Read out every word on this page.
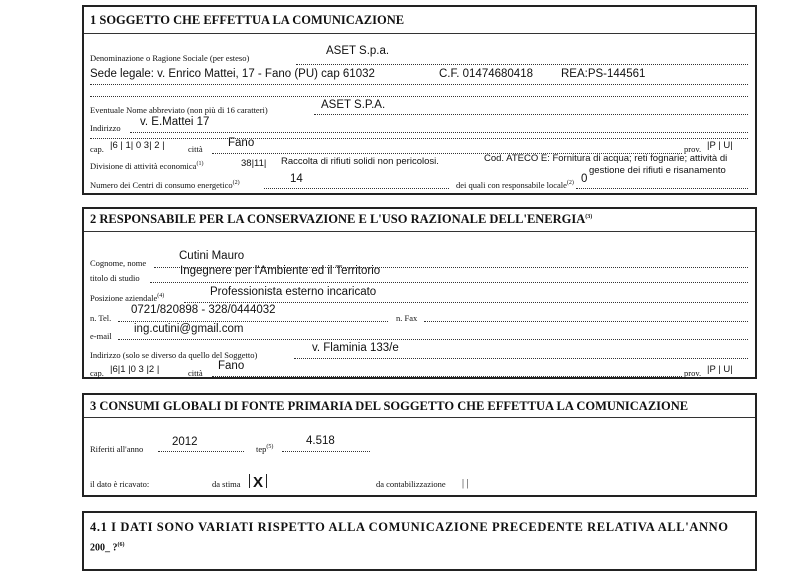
1 SOGGETTO CHE EFFETTUA LA COMUNICAZIONE
Denominazione o Ragione Sociale (per esteso)
ASET S.p.a.
Sede legale: v. Enrico Mattei, 17 - Fano (PU) cap 61032	C.F. 01474680418 REA:PS-144561
Eventuale Nome abbreviato (non più di 16 caratteri)	ASET S.P.A.
Indirizzo v. E.Mattei 17
cap. |6 | 1| 0 3| 2 |	città Fano	prov. |P | U|
Divisione di attività economica$^{(1)}$	38|11| Raccolta di rifiuti solidi non pericolosi.	Cod. ATECO E: Fornitura di acqua; reti fognarie; attività di
gestione dei rifiuti e risanamento
Numero dei Centri di consumo energetico$^{(2)}$	14	dei quali con responsabile locale$^{(2)}$ 0
2 RESPONSABILE PER LA CONSERVAZIONE E L'USO RAZIONALE DELL'ENERGIA$^{(3)}$
Cognome, nome
Cutini Mauro
titolo di studio
Ingegnere per l'Ambiente ed il Territorio
Posizione aziendale$^{(4)}$	Professionista esterno incaricato
n. Tel.
0721/820898 - 328/0444032
n. Fax
e-mail
ing.cutini@gmail.com
Indirizzo (solo se diverso da quello del Soggetto)
v. Flaminia 133/e
cap. |6|1 |0 3 |2 |	città
Fano
prov. |P | U|
3 CONSUMI GLOBALI DI FONTE PRIMARIA DEL SOGGETTO CHE EFFETTUA LA COMUNICAZIONE
Riferiti all'anno
2012
tep$^{(5)}$
4.518
il dato è ricavato:	da stima X	da contabilizzazione | |
4.1 I DATI SONO VARIATI RISPETTO ALLA COMUNICAZIONE PRECEDENTE RELATIVA ALL'ANNO
200_ ?$^{(6)}$
